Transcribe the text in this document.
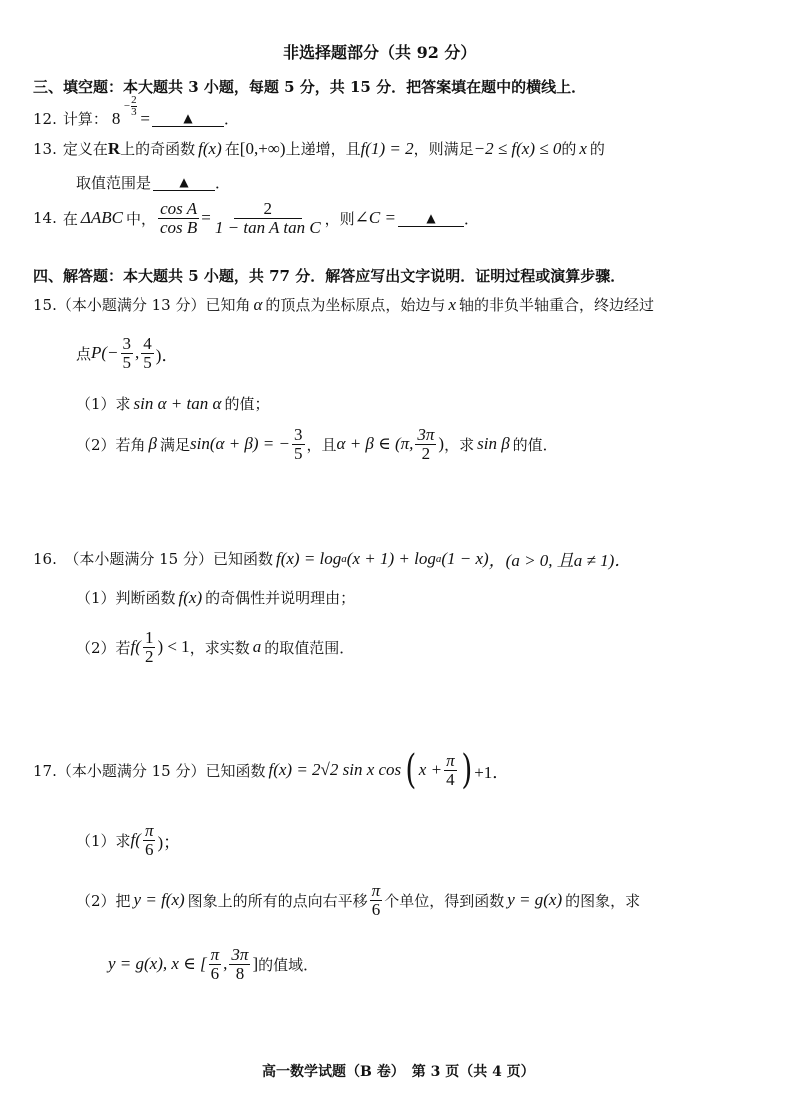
非选择题部分（共 92 分）
三、填空题：本大题共 3 小题，每题 5 分，共 15 分．把答案填在题中的横线上．
12. 计算： 8
− $\frac{2}{3}$
=	▲	．
13. 定义在 R 上的奇函数 f(x) 在 [0,+∞) 上递增，且 f(1) = 2 ，则满足 −2 ≤ f(x) ≤ 0 的 x 的
取值范围是	▲	．
14. 在 ΔABC 中， $\frac{\text{cos A}}{\text{cos B}} = \frac{2}{\text{1 − tan A tan C}}$ ，则 ∠C =	▲	．
四、解答题：本大题共 5 小题，共 77 分．解答应写出文字说明．证明过程或演算步骤．
15.（本小题满分 13 分）已知角 α 的顶点为坐标原点，始边与 x 轴的非负半轴重合，终边经过
点 $P(- \frac{3}{5}$ , $\frac{4}{5}$ )．
（1）求 sin α + tan α 的值；
（2）若角 β 满足 sin(α + β) = − $\frac{3}{5}$ ，且 α + β ∈ (π, $\frac{3\pi}{2}$ ) ，求 sin β 的值．
16.　（本小题满分 15 分）已知函数 f(x) = log a (x + 1) + log a (1 − x) ，(a > 0, 且a ≠ 1)．
（1）判断函数 f(x) 的奇偶性并说明理由；
（2）若 $f( \frac{1}{2}$ ) < 1 ，求实数 a 的取值范围．
17.（本小题满分 15 分）已知函数 f(x) = 2√2 sin x cos ( $x + \frac{\pi}{4}$ ) +1．
（1）求 $f( \frac{\pi}{6}$ )；
（2）把 y = f(x) 图象上的所有的点向右平移 $\frac{\pi}{6}$ 个单位，得到函数 y = g(x) 的图象，求
y = g(x), x ∈ [ $\frac{\pi}{6}$ , $\frac{3\pi}{8}$ ] 的值域．
高一数学试题（B 卷）　第 3 页（共 4 页）
